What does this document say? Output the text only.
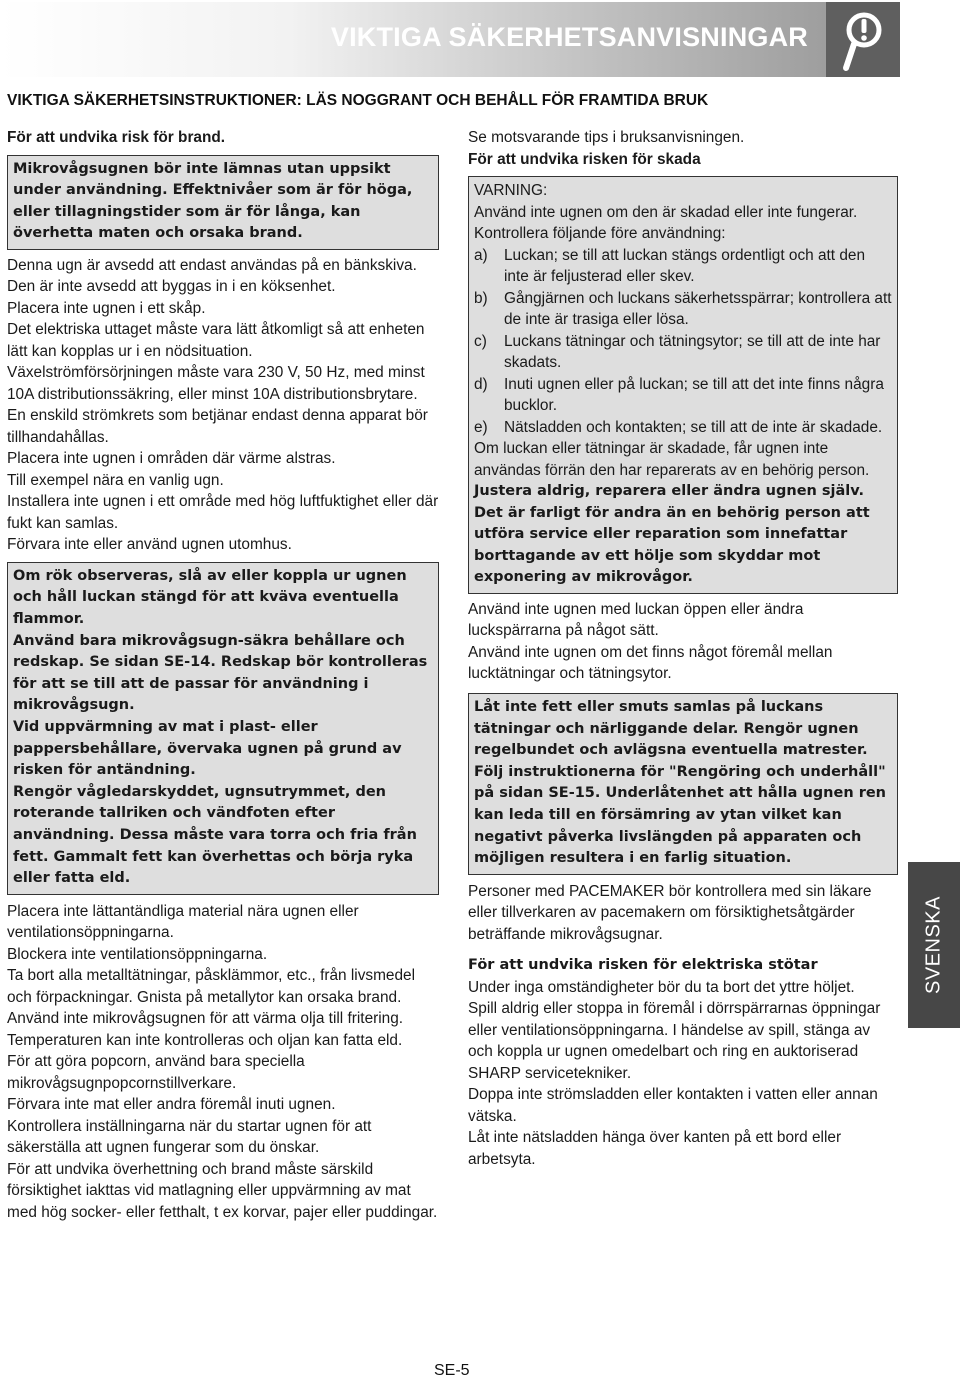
VIKTIGA SÄKERHETSANVISNINGAR
VIKTIGA SÄKERHETSINSTRUKTIONER: LÄS NOGGRANT OCH BEHÅLL FÖR FRAMTIDA BRUK

För att undvika risk för brand.

Mikrovågsugnen bör inte lämnas utan uppsikt under användning. Effektnivåer som är för höga, eller tillagningstider som är för långa, kan överhetta maten och orsaka brand.

Denna ugn är avsedd att endast användas på en bänkskiva. Den är inte avsedd att byggas in i en köksenhet.

Placera inte ugnen i ett skåp.

Det elektriska uttaget måste vara lätt åtkomligt så att enheten lätt kan kopplas ur i en nödsituation.

Växelströmförsörjningen måste vara 230 V, 50 Hz, med minst 10A distributionssäkring, eller minst 10A distributionsbrytare.

En enskild strömkrets som betjänar endast denna apparat bör tillhandahållas.

Placera inte ugnen i områden där värme alstras.

Till exempel nära en vanlig ugn.

Installera inte ugnen i ett område med hög luftfuktighet eller där fukt kan samlas.

Förvara inte eller använd ugnen utomhus.

Om rök observeras, slå av eller koppla ur ugnen och håll luckan stängd för att kväva eventuella flammor.

Använd bara mikrovågsugn-säkra behållare och redskap. Se sidan SE-14. Redskap bör kontrolleras för att se till att de passar för användning i mikrovågsugn.

Vid uppvärmning av mat i plast- eller pappersbehållare, övervaka ugnen på grund av risken för antändning.

Rengör vågledarskyddet, ugnsutrymmet, den roterande tallriken och vändfoten efter användning. Dessa måste vara torra och fria från fett. Gammalt fett kan överhettas och börja ryka eller fatta eld.

Placera inte lättantändliga material nära ugnen eller ventilationsöppningarna.

Blockera inte ventilationsöppningarna.

Ta bort alla metalltätningar, påsklämmor, etc., från livsmedel och förpackningar. Gnista på metallytor kan orsaka brand.

Använd inte mikrovågsugnen för att värma olja till fritering. Temperaturen kan inte kontrolleras och oljan kan fatta eld.

För att göra popcorn, använd bara speciella mikrovågsugnpopcornstillverkare.

Förvara inte mat eller andra föremål inuti ugnen.

Kontrollera inställningarna när du startar ugnen för att säkerställa att ugnen fungerar som du önskar.

För att undvika överhettning och brand måste särskild försiktighet iakttas vid matlagning eller uppvärmning av mat med hög socker- eller fetthalt, t ex korvar, pajer eller puddingar.

Se motsvarande tips i bruksanvisningen.

För att undvika risken för skada

VARNING:

Använd inte ugnen om den är skadad eller inte fungerar. Kontrollera följande före användning:

a)	Luckan; se till att luckan stängs ordentligt och att den inte är feljusterad eller skev.
b)	Gångjärnen och luckans säkerhetsspärrar; kontrollera att de inte är trasiga eller lösa.
c)	Luckans tätningar och tätningsytor; se till att de inte har skadats.
d)	Inuti ugnen eller på luckan; se till att det inte finns några bucklor.
e)	Nätsladden och kontakten; se till att de inte är skadade.

Om luckan eller tätningar är skadade, får ugnen inte användas förrän den har reparerats av en behörig person.

Justera aldrig, reparera eller ändra ugnen själv. Det är farligt för andra än en behörig person att utföra service eller reparation som innefattar borttagande av ett hölje som skyddar mot exponering av mikrovågor.

Använd inte ugnen med luckan öppen eller ändra luckspärrarna på något sätt.

Använd inte ugnen om det finns något föremål mellan lucktätningar och tätningsytor.

Låt inte fett eller smuts samlas på luckans tätningar och närliggande delar. Rengör ugnen regelbundet och avlägsna eventuella matrester. Följ instruktionerna för "Rengöring och underhåll" på sidan SE-15. Underlåtenhet att hålla ugnen ren kan leda till en försämring av ytan vilket kan negativt påverka livslängden på apparaten och möjligen resultera i en farlig situation.

Personer med PACEMAKER bör kontrollera med sin läkare eller tillverkaren av pacemakern om försiktighetsåtgärder beträffande mikrovågsugnar.

För att undvika risken för elektriska stötar

Under inga omständigheter bör du ta bort det yttre höljet.

Spill aldrig eller stoppa in föremål i dörrspärrarnas öppningar eller ventilationsöppningarna. I händelse av spill, stänga av och koppla ur ugnen omedelbart och ring en auktoriserad SHARP servicetekniker.

Doppa inte strömsladden eller kontakten i vatten eller annan vätska.

Låt inte nätsladden hänga över kanten på ett bord eller arbetsyta.

SVENSKA
SE-5
